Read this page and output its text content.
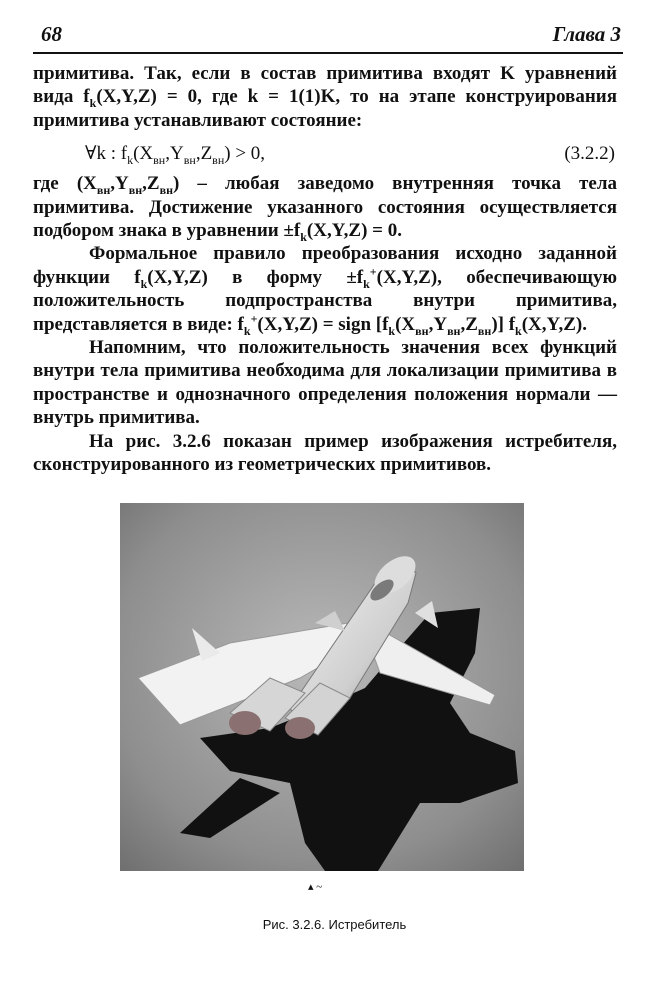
68	Глава 3

примитива. Так, если в состав примитива входят K уравнений вида $f_k(X,Y,Z) = 0$, где k = 1(1)K, то на этапе конструирования примитива устанавливают состояние:

∀k : $f_k(X_{вн},Y_{вн},Z_{вн}) > 0$,	(3.2.2)

где $(X_{вн},Y_{вн},Z_{вн})$ – любая заведомо внутренняя точка тела примитива. Достижение указанного состояния осуществляется подбором знака в уравнении $\pm f_k(X,Y,Z) = 0$.

Формальное правило преобразования исходно заданной функции $f_k(X,Y,Z)$ в форму $\pm f_k^+(X,Y,Z)$, обеспечивающую положительность подпространства внутри примитива, представляется в виде: $f_k^+(X,Y,Z)$ = sign $[f_k(X_{вн},Y_{вн},Z_{вн})]$ $f_k(X,Y,Z)$.

Напомним, что положительность значения всех функций внутри тела примитива необходима для локализации примитива в пространстве и однозначного определения положения нормали — внутрь примитива.

На рис. 3.2.6 показан пример изображения истребителя, сконструированного из геометрических примитивов.

▴ ~
Рис. 3.2.6. Истребитель
